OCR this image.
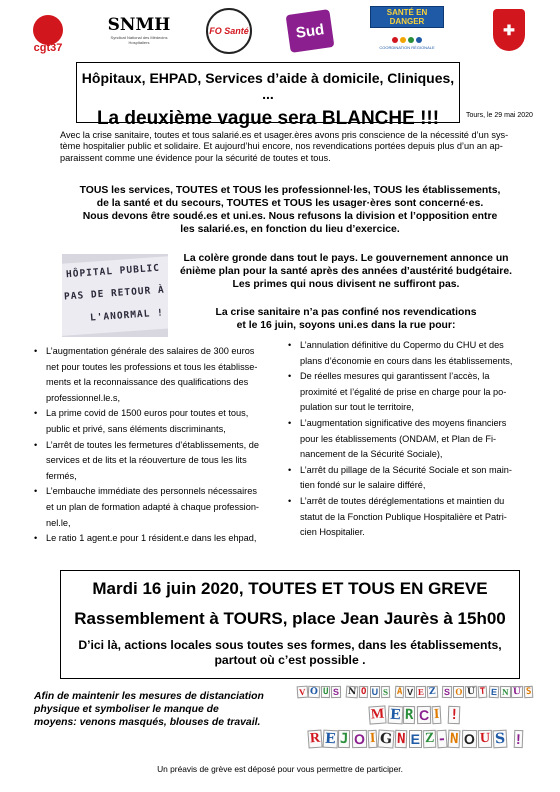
cgt37
SNMH
Syndicat National des Médecins Hospitaliers
FO Santé	Sud
SANTÉ EN DANGER
COORDINATION RÉGIONALE
✚
Hôpitaux, EHPAD, Services d’aide à domicile, Cliniques, ...
La deuxième vague sera BLANCHE !!!	Tours, le 29 mai 2020
Avec la crise sanitaire, toutes et tous salarié.es et usager.ères avons pris conscience de la nécessité d’un sys-
tème hospitalier public et solidaire. Et aujourd’hui encore, nos revendications portées depuis plus d’un an ap-
paraissent comme une évidence pour la sécurité de toutes et tous.
TOUS les services, TOUTES et TOUS les professionnel·les, TOUS les établissements,
de la santé et du secours, TOUTES et TOUS les usager·ères sont concerné·es.
Nous devons être soudé.es et uni.es. Nous refusons la division et l’opposition entre
les salarié.es, en fonction du lieu d’exercice.
HÔPITAL PUBLIC
PAS DE RETOUR À
L'ANORMAL !
La colère gronde dans tout le pays. Le gouvernement annonce un
énième plan pour la santé après des années d’austérité budgétaire.
Les primes qui nous divisent ne suffiront pas.
La crise sanitaire n’a pas confiné nos revendications
et le 16 juin, soyons uni.es dans la rue pour:
• L’augmentation générale des salaires de 300 euros
net pour toutes les professions et tous les établisse-
ments et la reconnaissance des qualifications des
professionnel.le.s,
• La prime covid de 1500 euros pour toutes et tous,
public et privé, sans éléments discriminants,
• L’arrêt de toutes les fermetures d’établissements, de
services et de lits et la réouverture de tous les lits
fermés,
• L’embauche immédiate des personnels nécessaires
et un plan de formation adapté à chaque profession-
nel.le,
• Le ratio 1 agent.e pour 1 résident.e dans les ehpad,
• L’annulation définitive du Copermo du CHU et des
plans d’économie en cours dans les établissements,
• De réelles mesures qui garantissent l’accès, la
proximité et l’égalité de prise en charge pour la po-
pulation sur tout le territoire,
• L’augmentation significative des moyens financiers
pour les établissements (ONDAM, et Plan de Fi-
nancement de la Sécurité Sociale),
• L’arrêt du pillage de la Sécurité Sociale et son main-
tien fondé sur le salaire différé,
• L’arrêt de toutes déréglementations et maintien du
statut de la Fonction Publique Hospitalière et Patri-
cien Hospitalier.
Mardi 16 juin 2020, TOUTES ET TOUS EN GREVE
Rassemblement à TOURS, place Jean Jaurès à 15h00
D’ici là, actions locales sous toutes ses formes, dans les établissements,
partout où c’est possible .
Afin de maintenir les mesures de distanciation
physique et symboliser le manque de
moyens: venons masqués, blouses de travail.
V O U S N O U S A V E Z S O U T E N U S
M E R C I !
R E J O I G N E Z - N O U S !
Un préavis de grève est déposé pour vous permettre de participer.
